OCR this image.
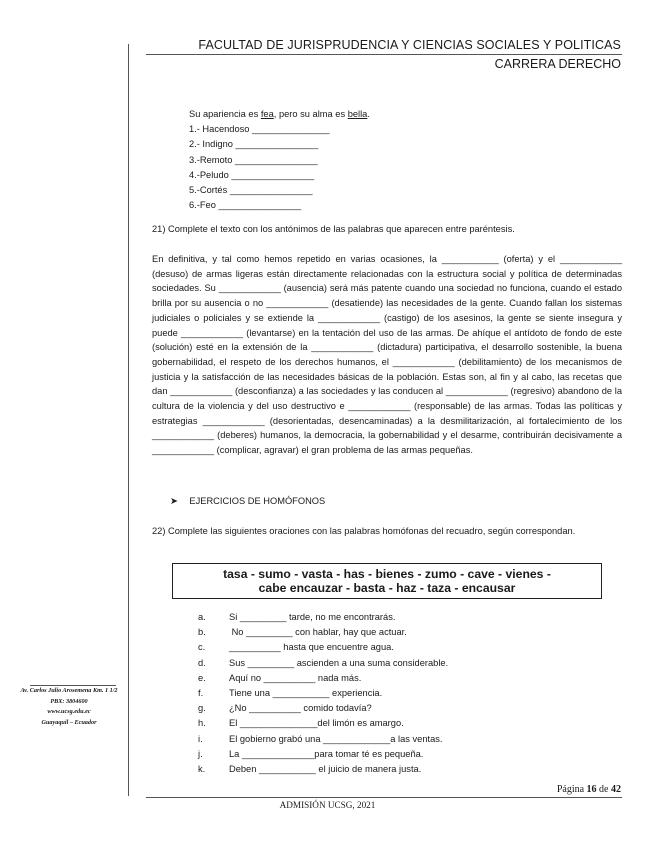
FACULTAD DE JURISPRUDENCIA Y CIENCIAS SOCIALES Y POLITICAS
CARRERA DERECHO
Su apariencia es fea, pero su alma es bella.
1.- Hacendoso _______________
2.- Indigno ________________
3.-Remoto ________________
4.-Peludo ________________
5.-Cortés ________________
6.-Feo ________________
21) Complete el texto con los antónimos de las palabras que aparecen entre paréntesis.
En definitiva, y tal como hemos repetido en varias ocasiones, la ___________ (oferta) y el ____________ (desuso) de armas ligeras están directamente relacionadas con la estructura social y política de determinadas sociedades. Su ____________ (ausencia) será más patente cuando una sociedad no funciona, cuando el estado brilla por su ausencia o no ____________ (desatiende) las necesidades de la gente. Cuando fallan los sistemas judiciales o policiales y se extiende la ____________ (castigo) de los asesinos, la gente se siente insegura y puede ____________ (levantarse) en la tentación del uso de las armas. De ahíque el antídoto de fondo de este (solución) esté en la extensión de la ____________ (dictadura) participativa, el desarrollo sostenible, la buena gobernabilidad, el respeto de los derechos humanos, el ____________ (debilitamiento) de los mecanismos de justicia y la satisfacción de las necesidades básicas de la población. Estas son, al fin y al cabo, las recetas que dan ____________ (desconfianza) a las sociedades y las conducen al ____________ (regresivo) abandono de la cultura de la violencia y del uso destructivo e ____________ (responsable) de las armas. Todas las políticas y estrategias ____________ (desorientadas, desencaminadas) a la desmilitarización, al fortalecimiento de los ____________ (deberes) humanos, la democracia, la gobernabilidad y el desarme, contribuirán decisivamente a ____________ (complicar, agravar) el gran problema de las armas pequeñas.
➤ EJERCICIOS DE HOMÓFONOS
22) Complete las siguientes oraciones con las palabras homófonas del recuadro, según correspondan.
tasa - sumo - vasta - has - bienes - zumo - cave - vienes -
cabe encauzar - basta - haz - taza - encausar
a. Si _________ tarde, no me encontrarás.
b. No _________ con hablar, hay que actuar.
c.	__________ hasta que encuentre agua.
d. Sus _________ ascienden a una suma considerable.
e. Aquí no __________ nada más.
f.	Tiene una ___________ experiencia.
g. ¿No __________ comido todavía?
h. El _______________del limón es amargo.
i.	El gobierno grabó una _____________a las ventas.
j.	La ______________para tomar té es pequeña.
k.	Deben ___________ el juicio de manera justa.
Av. Carlos Julio Arosemena Km. 1 1/2
PBX: 3804600
www.ucsg.edu.ec
Guayaquil – Ecuador
Página 16 de 42
ADMISIÓN UCSG, 2021
